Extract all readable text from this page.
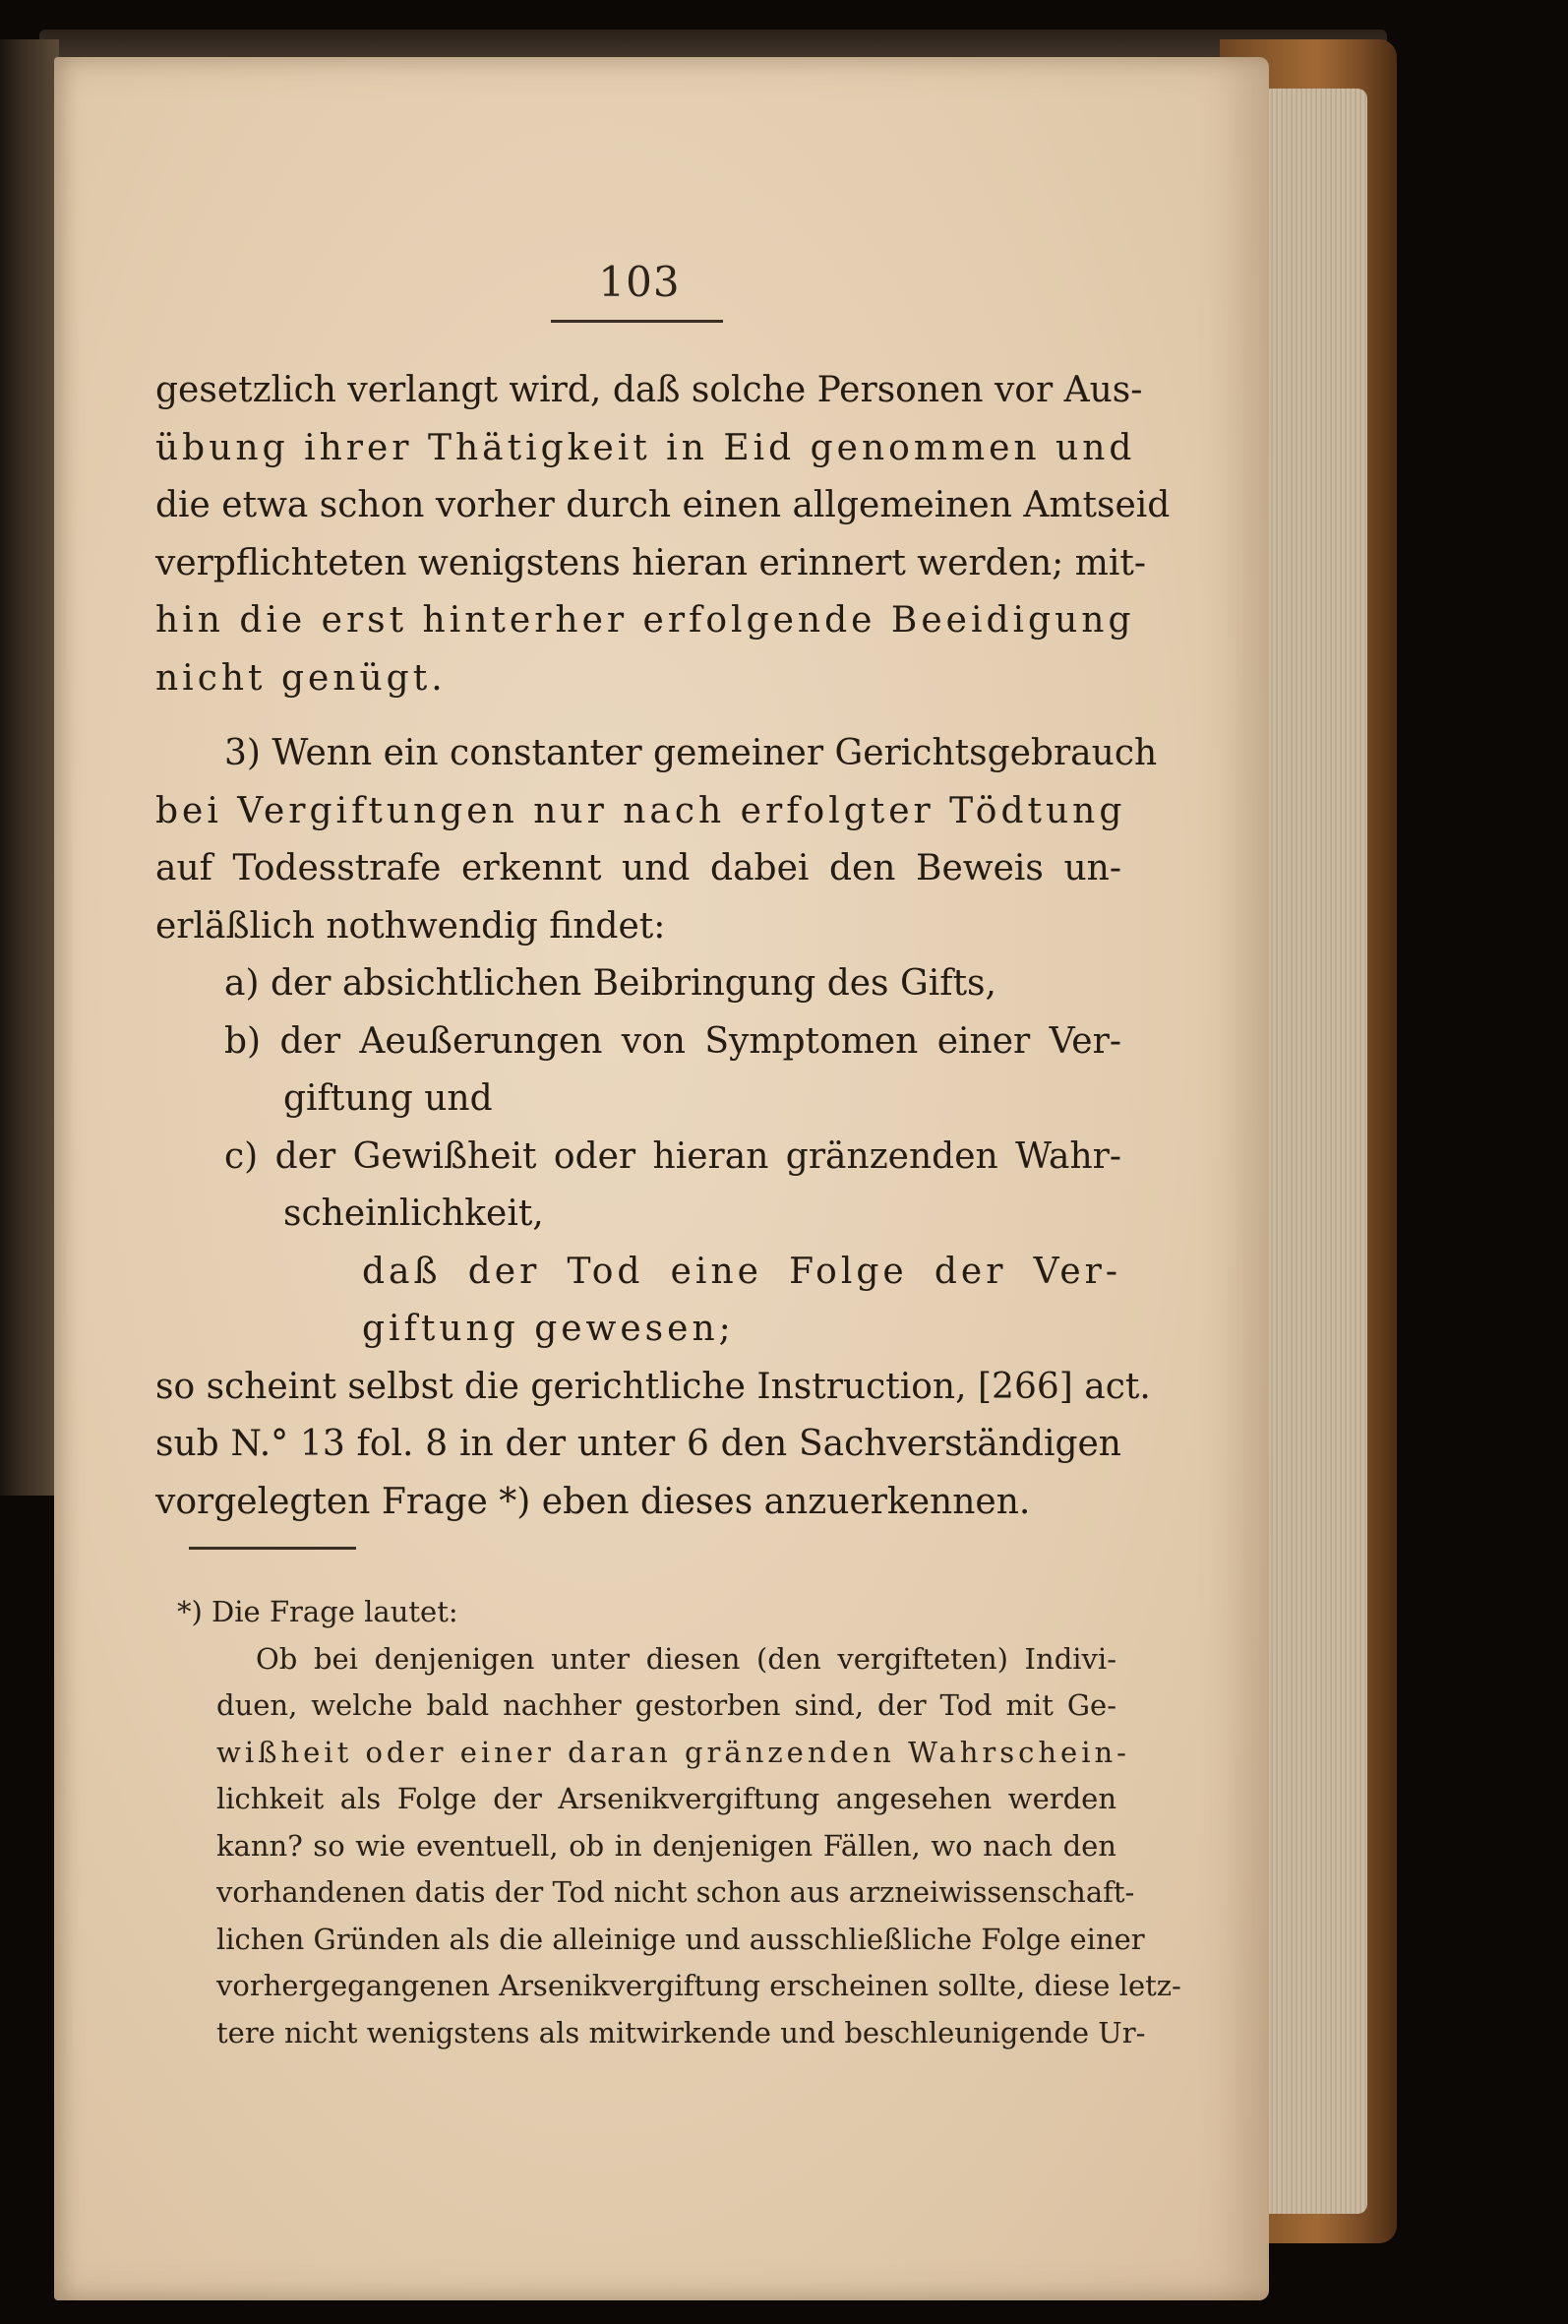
103
gesetzlich verlangt wird, daß solche Personen vor Aus-
übung ihrer Thätigkeit in Eid genommen und
die etwa schon vorher durch einen allgemeinen Amtseid
verpflichteten wenigstens hieran erinnert werden; mit-
hin die erst hinterher erfolgende Beeidigung
nicht genügt.
3) Wenn ein constanter gemeiner Gerichtsgebrauch
bei Vergiftungen nur nach erfolgter Tödtung
auf Todesstrafe erkennt und dabei den Beweis un-
erläßlich nothwendig findet:
a) der absichtlichen Beibringung des Gifts,
b) der Aeußerungen von Symptomen einer Ver-
giftung und
c) der Gewißheit oder hieran gränzenden Wahr-
scheinlichkeit,
daß der Tod eine Folge der Ver-
giftung gewesen;
so scheint selbst die gerichtliche Instruction, [266] act.
sub N.° 13 fol. 8 in der unter 6 den Sachverständigen
vorgelegten Frage *) eben dieses anzuerkennen.
*) Die Frage lautet:
Ob bei denjenigen unter diesen (den vergifteten) Indivi-
duen, welche bald nachher gestorben sind, der Tod mit Ge-
wißheit oder einer daran gränzenden Wahrschein-
lichkeit als Folge der Arsenikvergiftung angesehen werden
kann? so wie eventuell, ob in denjenigen Fällen, wo nach den
vorhandenen datis der Tod nicht schon aus arzneiwissenschaft-
lichen Gründen als die alleinige und ausschließliche Folge einer
vorhergegangenen Arsenikvergiftung erscheinen sollte, diese letz-
tere nicht wenigstens als mitwirkende und beschleunigende Ur-
